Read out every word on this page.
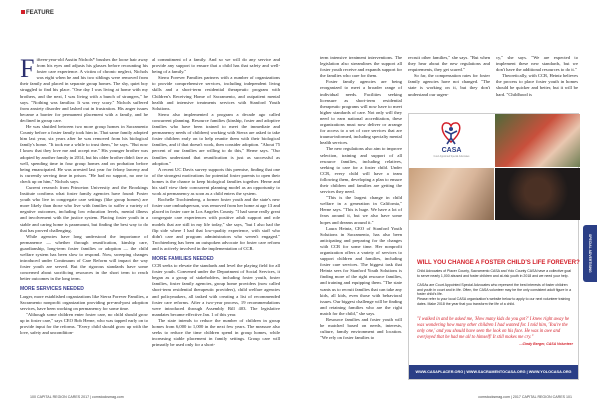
FEATURE

Fifteen-year-old Austin Nichols* brushes the loose hair away from his eyes and adjusts his glasses before recounting his foster care experience. A victim of chronic neglect, Nichols was eight when he and his two siblings were removed from their family and placed in separate group homes. The shy, quiet boy struggled to find his place. "One day I was living at home with my brothers, and the next, I was living with a bunch of strangers," he says. "Nothing was familiar. It was very scary." Nichols suffered from anxiety disorder and lashed out in frustration. His anger issues became a barrier for permanent placement with a family, and he declined in group care.

He was shuttled between two more group homes in Sacramento County before a foster family took him in. That same family adopted him last year, six years after he was removed from his biological family's home. "It took me a while to trust them," he says. "But now I know that they love me and accept me." His younger brother was adopted by another family in 2014, but his older brother didn't fare as well, spending time in four group homes and on probation before being emancipated. He was arrested last year for felony larceny and is currently serving time in prison. "He had no support, no one to check up on him," Nichols says.

Current research from Princeton University and the Brookings Institute confirms what foster family agencies have found: Foster youth who live in congregate care settings (like group homes) are more likely than those who live with families to suffer a variety of negative outcomes, including low education levels, mental illness and involvement with the justice system. Placing foster youth in a stable and caring home is paramount, but finding the best way to do that has proved challenging.

While agencies have long understood the importance of permanence — whether through reunification, kinship care, guardianship, long-term foster families or adoption — the child welfare system has been slow to respond. Now, sweeping changes introduced under Continuum of Care Reform will impact the way foster youth are served. But the rigorous standards have some concerned about sacrificing resources in the short term to reach better outcomes in the long term.

MORE SERVICES NEEDED

Larger, more established organizations like Sierra Forever Families, a Sacramento nonprofit organization providing pre-and-post adoption services, have been working on permanency for some time.

"Although some children enter foster care, no child should grow up in foster care," says CEO Bob Herne, who was tapped early on to provide input for the reforms. "Every child should grow up with the love, safety and uncondition-

al commitment of a family. And so we will do any service and provide any support to ensure that a child has that safety and well-being of a family."

Sierra Forever Families partners with a number of organizations to provide comprehensive services, including independent living skills and a short-term residential therapeutic program with Children's Receiving Home of Sacramento, and outpatient mental health and intensive treatments services with Stanford Youth Solutions.

Sierra also implemented a program a decade ago called concurrent planning. Resource families (kinship, foster and adoptive families who have been trained to meet the immediate and permanency needs of children) working with Sierra are asked to take foster children early on to help reunite them with their biological families, and if that doesn't work, then consider adoption. "About 75 percent of our families are willing to do this," Herne says. "Our families understand that reunification is just as successful as adoption."

A recent UC Davis survey supports this premise, finding that one of the strongest motivations for potential foster parents to open their homes is the chance to keep biological families together. Herne and his staff view their concurrent planning model as an opportunity to work at permanency as soon as a child enters the system.

Rochelle Trochtenberg, a former foster youth and the state's new foster care ombudsperson, was removed from her home at age 13 and placed in foster care in Los Angeles County. "I had some really great congregate care experiences with positive adult support and role models that are still in my life today," she says, "but I also had the flip side where I had that low-quality experience, with staff who didn't care and program administrators who weren't engaged." Trochtenberg has been an outspoken advocate for foster care reform and is actively involved in the implementation of CCR.

MORE FAMILIES NEEDED

CCR seeks to elevate the standards and level the playing field for all foster youth. Convened under the Department of Social Services, it began as a group of stakeholders, including foster youth, foster families, foster family agencies, group home providers (now called short-term residential therapeutic providers), child welfare agencies and policymakers, all tasked with creating a list of recommended foster care reforms. After a two-year process, 19 recommendations were introduced through Assembly Bill 403. The legislative mandates became effective Jan. 1 of this year.

The state intends to reduce the number of children in group homes from 6,000 to 1,000 in the next few years. The measure also seeks to reduce the time children spend in group homes, while increasing stable placement in family settings. Group care will primarily be used only for a short-

term intensive treatment interventions. The legislation also streamlines the support all foster youth receive and expands support for the families who care for them.

Foster family agencies are being reorganized to meet a broader range of individual needs. Facilities seeking licensure as short-term residential therapeutic programs will now have to meet higher standards of care. Not only will they need to earn national accreditation, these organizations must now deliver or arrange for access to a set of core services that are trauma-informed, including specialty mental health services.

The new regulations also aim to improve selection, training and support of all resource families, including relatives, seeking to care for a foster child. Under CCR, every child will have a team following them, developing a plan to ensure their children and families are getting the services they need.

"This is the largest change in child welfare in a generation in California," Herne says. "This is huge. We have a lot of fears around it, but we also have some hopes and dreams around it."

Laura Heintz, CEO of Stanford Youth Solutions in Sacramento, has also been anticipating and preparing for the changes with CCR for some time. Her nonprofit organization offers a variety of services to support children and families, including foster care services. The biggest task that Heintz sees for Stanford Youth Solutions is finding more of the right resource families, and training and equipping them. "The state wants us to recruit families that can take any kids, all kids, even those with behavioral issues. Our biggest challenge will be finding and retaining families who are the right match for the child," she says.

Resource families and foster youth will be matched based on needs, interests, culture, family environment and location. "We rely on foster families to

recruit other families," she says. "But when they hear about the new regulations and requirements, they get scared."

So far, the compensation rates for foster family agencies have not changed. "The state is working on it, but they don't understand our urgen-

cy," she says. "We are expected to implement these new standards, but we don't have the additional resources to do it."

Theoretically, with CCR, Heintz believes the process to place foster youth in homes should be quicker and better, but it will be hard. "Childhood is

CASA
Court Appointed Special Advocates
WILL YOU CHANGE A FOSTER CHILD'S LIFE FOREVER?
Child Advocates of Placer County, Sacramento CASA and Yolo County CASA have a collective goal to serve nearly 1,000 abused and foster children and at-risk youth in 2018 and we need your help.
CASAs are Court Appointed Special Advocates who represent the best interests of foster children and youth in court and in life. Often, the CASA volunteer may be the only consistent adult figure in a foster child's life.
Please refer to your local CASA organization's website below to apply to our next volunteer training dates. Make 2018 the year that you transform the life of a child.
"I walked in and he asked me, 'How many kids do you got?' I knew right away he was wondering how many other children I had wanted for. I told him, 'You're the only one,' and you should have seen the look on his face. He was in awe and overjoyed that he had me all to himself! It still makes me cry."
—Cindy Berger, CASA Volunteer
WWW.CASAPLACER.ORG | WWW.SACRAMENTOCASA.ORG | WWW.YOLOCASA.ORG
SPECIAL ADVERTISING
100 CAPITAL REGION CARES 2017 | comstocksmag.com	comstocksmag.com | 2017 CAPITAL REGION CARES 101
